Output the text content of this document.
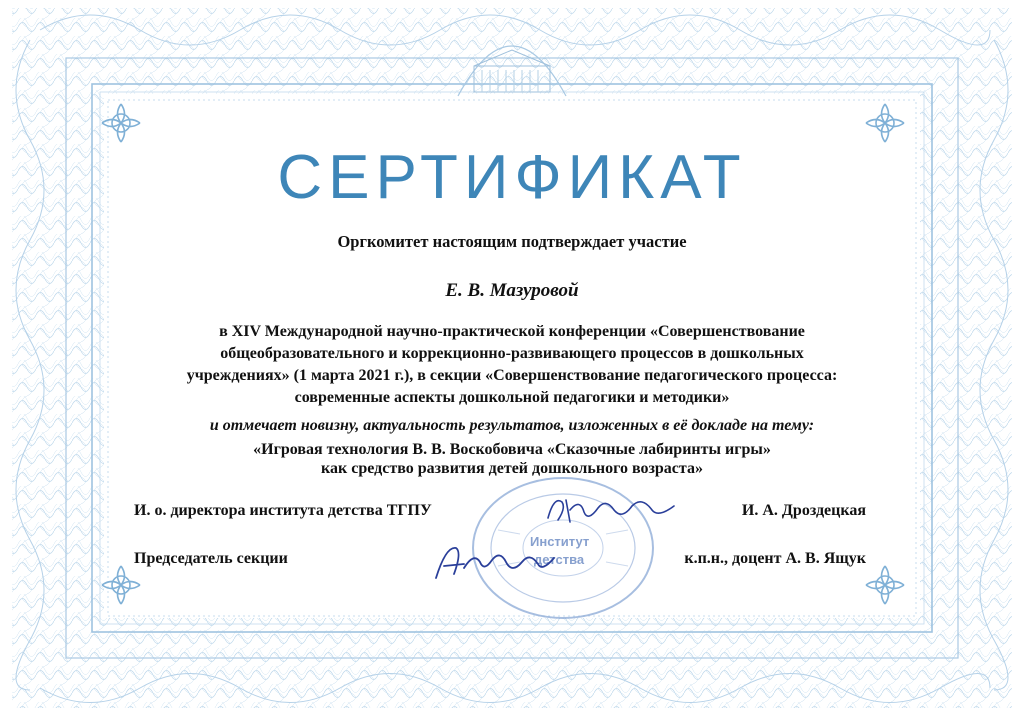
СЕРТИФИКАТ
Оргкомитет настоящим подтверждает участие
Е. В. Мазуровой
в XIV Международной научно-практической конференции «Совершенствование
общеобразовательного и коррекционно-развивающего процессов в дошкольных
учреждениях» (1 марта 2021 г.), в секции «Совершенствование педагогического процесса:
современные аспекты дошкольной педагогики и методики»
и отмечает новизну, актуальность результатов, изложенных в её докладе на тему:
«Игровая технология В. В. Воскобовича «Сказочные лабиринты игры»
как средство развития детей дошкольного возраста»
Институт
детства
И. о. директора института детства ТГПУ	И. А. Дроздецкая
Председатель секции	к.п.н., доцент А. В. Ящук
